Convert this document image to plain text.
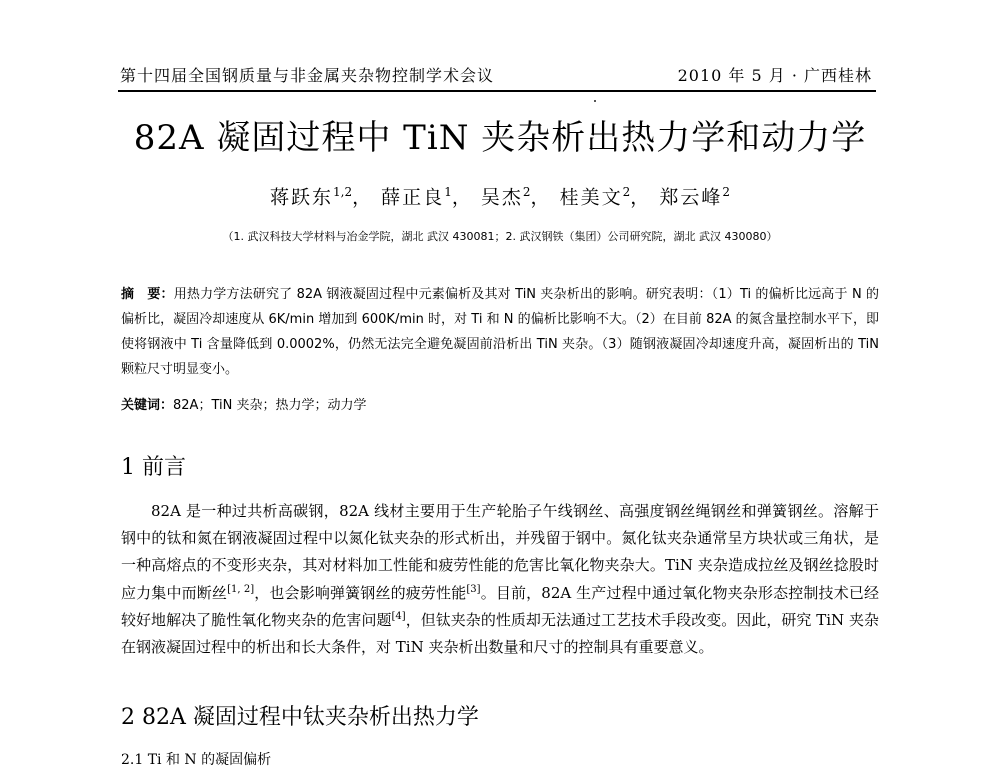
第十四届全国钢质量与非金属夹杂物控制学术会议	2010 年 5 月 · 广西桂林
82A 凝固过程中 TiN 夹杂析出热力学和动力学
蒋跃东$^{1,2}$， 薛正良$^1$， 吴杰$^2$， 桂美文$^2$， 郑云峰$^2$
（1. 武汉科技大学材料与冶金学院，湖北 武汉 430081；2. 武汉钢铁（集团）公司研究院，湖北 武汉 430080）
摘　要：用热力学方法研究了 82A 钢液凝固过程中元素偏析及其对 TiN 夹杂析出的影响。研究表明：（1）Ti 的偏析比远高于 N 的偏析比，凝固冷却速度从 6K/min 增加到 600K/min 时，对 Ti 和 N 的偏析比影响不大。（2）在目前 82A 的氮含量控制水平下，即使将钢液中 Ti 含量降低到 0.0002%，仍然无法完全避免凝固前沿析出 TiN 夹杂。（3）随钢液凝固冷却速度升高，凝固析出的 TiN 颗粒尺寸明显变小。
关键词：82A；TiN 夹杂；热力学；动力学
1 前言
82A 是一种过共析高碳钢，82A 线材主要用于生产轮胎子午线钢丝、高强度钢丝绳钢丝和弹簧钢丝。溶解于钢中的钛和氮在钢液凝固过程中以氮化钛夹杂的形式析出，并残留于钢中。氮化钛夹杂通常呈方块状或三角状，是一种高熔点的不变形夹杂，其对材料加工性能和疲劳性能的危害比氧化物夹杂大。TiN 夹杂造成拉丝及钢丝捻股时应力集中而断丝[1, 2]，也会影响弹簧钢丝的疲劳性能[3]。目前，82A 生产过程中通过氧化物夹杂形态控制技术已经较好地解决了脆性氧化物夹杂的危害问题[4]，但钛夹杂的性质却无法通过工艺技术手段改变。因此，研究 TiN 夹杂在钢液凝固过程中的析出和长大条件，对 TiN 夹杂析出数量和尺寸的控制具有重要意义。
2 82A 凝固过程中钛夹杂析出热力学
2.1 Ti 和 N 的凝固偏析
